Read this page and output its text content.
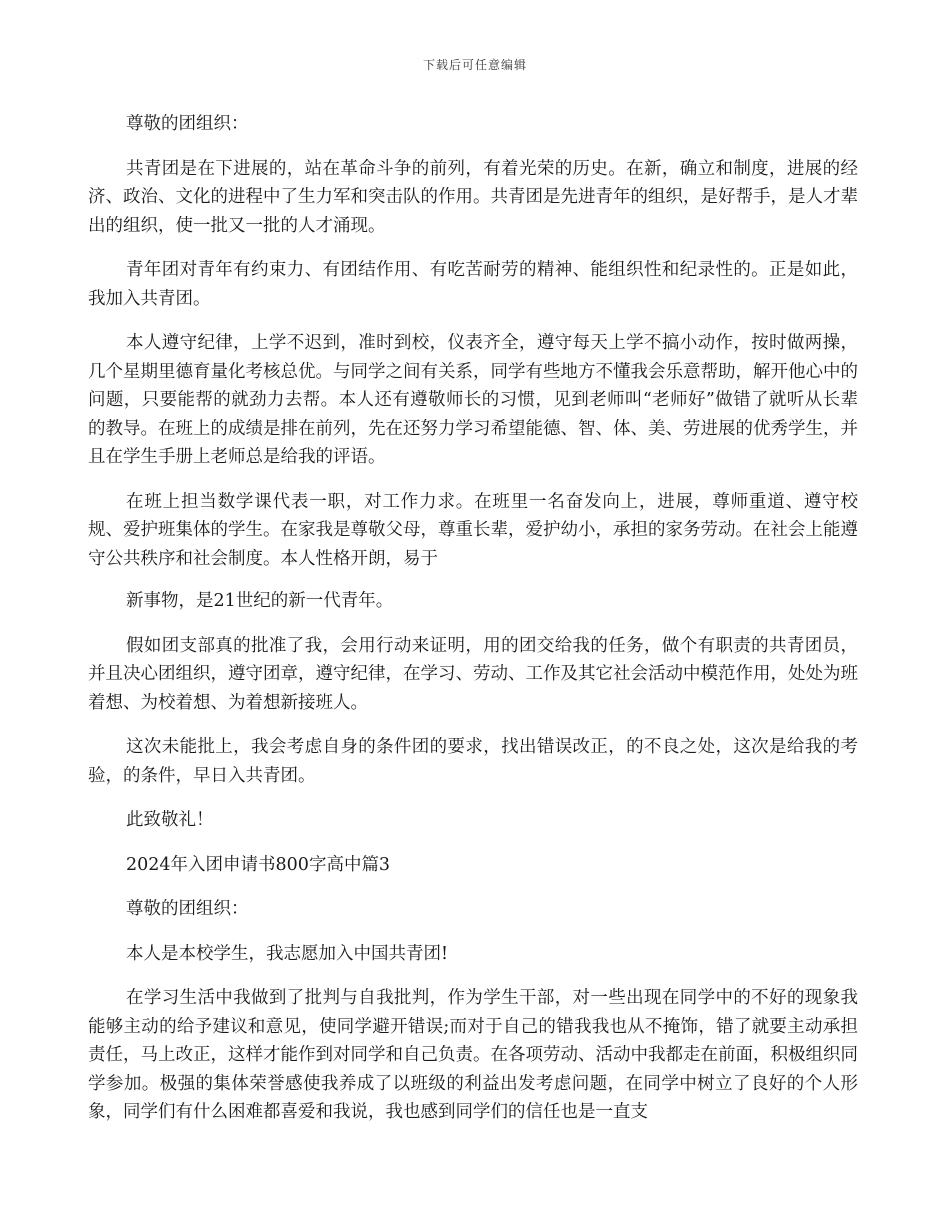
下载后可任意编辑

尊敬的团组织：

共青团是在下进展的，站在革命斗争的前列，有着光荣的历史。在新，确立和制度，进展的经济、政治、文化的进程中了生力军和突击队的作用。共青团是先进青年的组织，是好帮手，是人才辈出的组织，使一批又一批的人才涌现。

青年团对青年有约束力、有团结作用、有吃苦耐劳的精神、能组织性和纪录性的。正是如此，我加入共青团。

本人遵守纪律，上学不迟到，准时到校，仪表齐全，遵守每天上学不搞小动作，按时做两操，几个星期里德育量化考核总优。与同学之间有关系，同学有些地方不懂我会乐意帮助，解开他心中的问题，只要能帮的就劲力去帮。本人还有遵敬师长的习惯，见到老师叫“老师好”做错了就听从长辈的教导。在班上的成绩是排在前列，先在还努力学习希望能德、智、体、美、劳进展的优秀学生，并且在学生手册上老师总是给我的评语。

在班上担当数学课代表一职，对工作力求。在班里一名奋发向上，进展，尊师重道、遵守校规、爱护班集体的学生。在家我是尊敬父母，尊重长辈，爱护幼小，承担的家务劳动。在社会上能遵守公共秩序和社会制度。本人性格开朗，易于

新事物，是21世纪的新一代青年。

假如团支部真的批准了我，会用行动来证明，用的团交给我的任务，做个有职责的共青团员，并且决心团组织，遵守团章，遵守纪律，在学习、劳动、工作及其它社会活动中模范作用，处处为班着想、为校着想、为着想新接班人。

这次未能批上，我会考虑自身的条件团的要求，找出错误改正，的不良之处，这次是给我的考验，的条件，早日入共青团。

此致敬礼！

2024年入团申请书800字高中篇3

尊敬的团组织：

本人是本校学生，我志愿加入中国共青团!

在学习生活中我做到了批判与自我批判，作为学生干部，对一些出现在同学中的不好的现象我能够主动的给予建议和意见，使同学避开错误;而对于自己的错我我也从不掩饰，错了就要主动承担责任，马上改正，这样才能作到对同学和自己负责。在各项劳动、活动中我都走在前面，积极组织同学参加。极强的集体荣誉感使我养成了以班级的利益出发考虑问题，在同学中树立了良好的个人形象，同学们有什么困难都喜爱和我说，我也感到同学们的信任也是一直支
